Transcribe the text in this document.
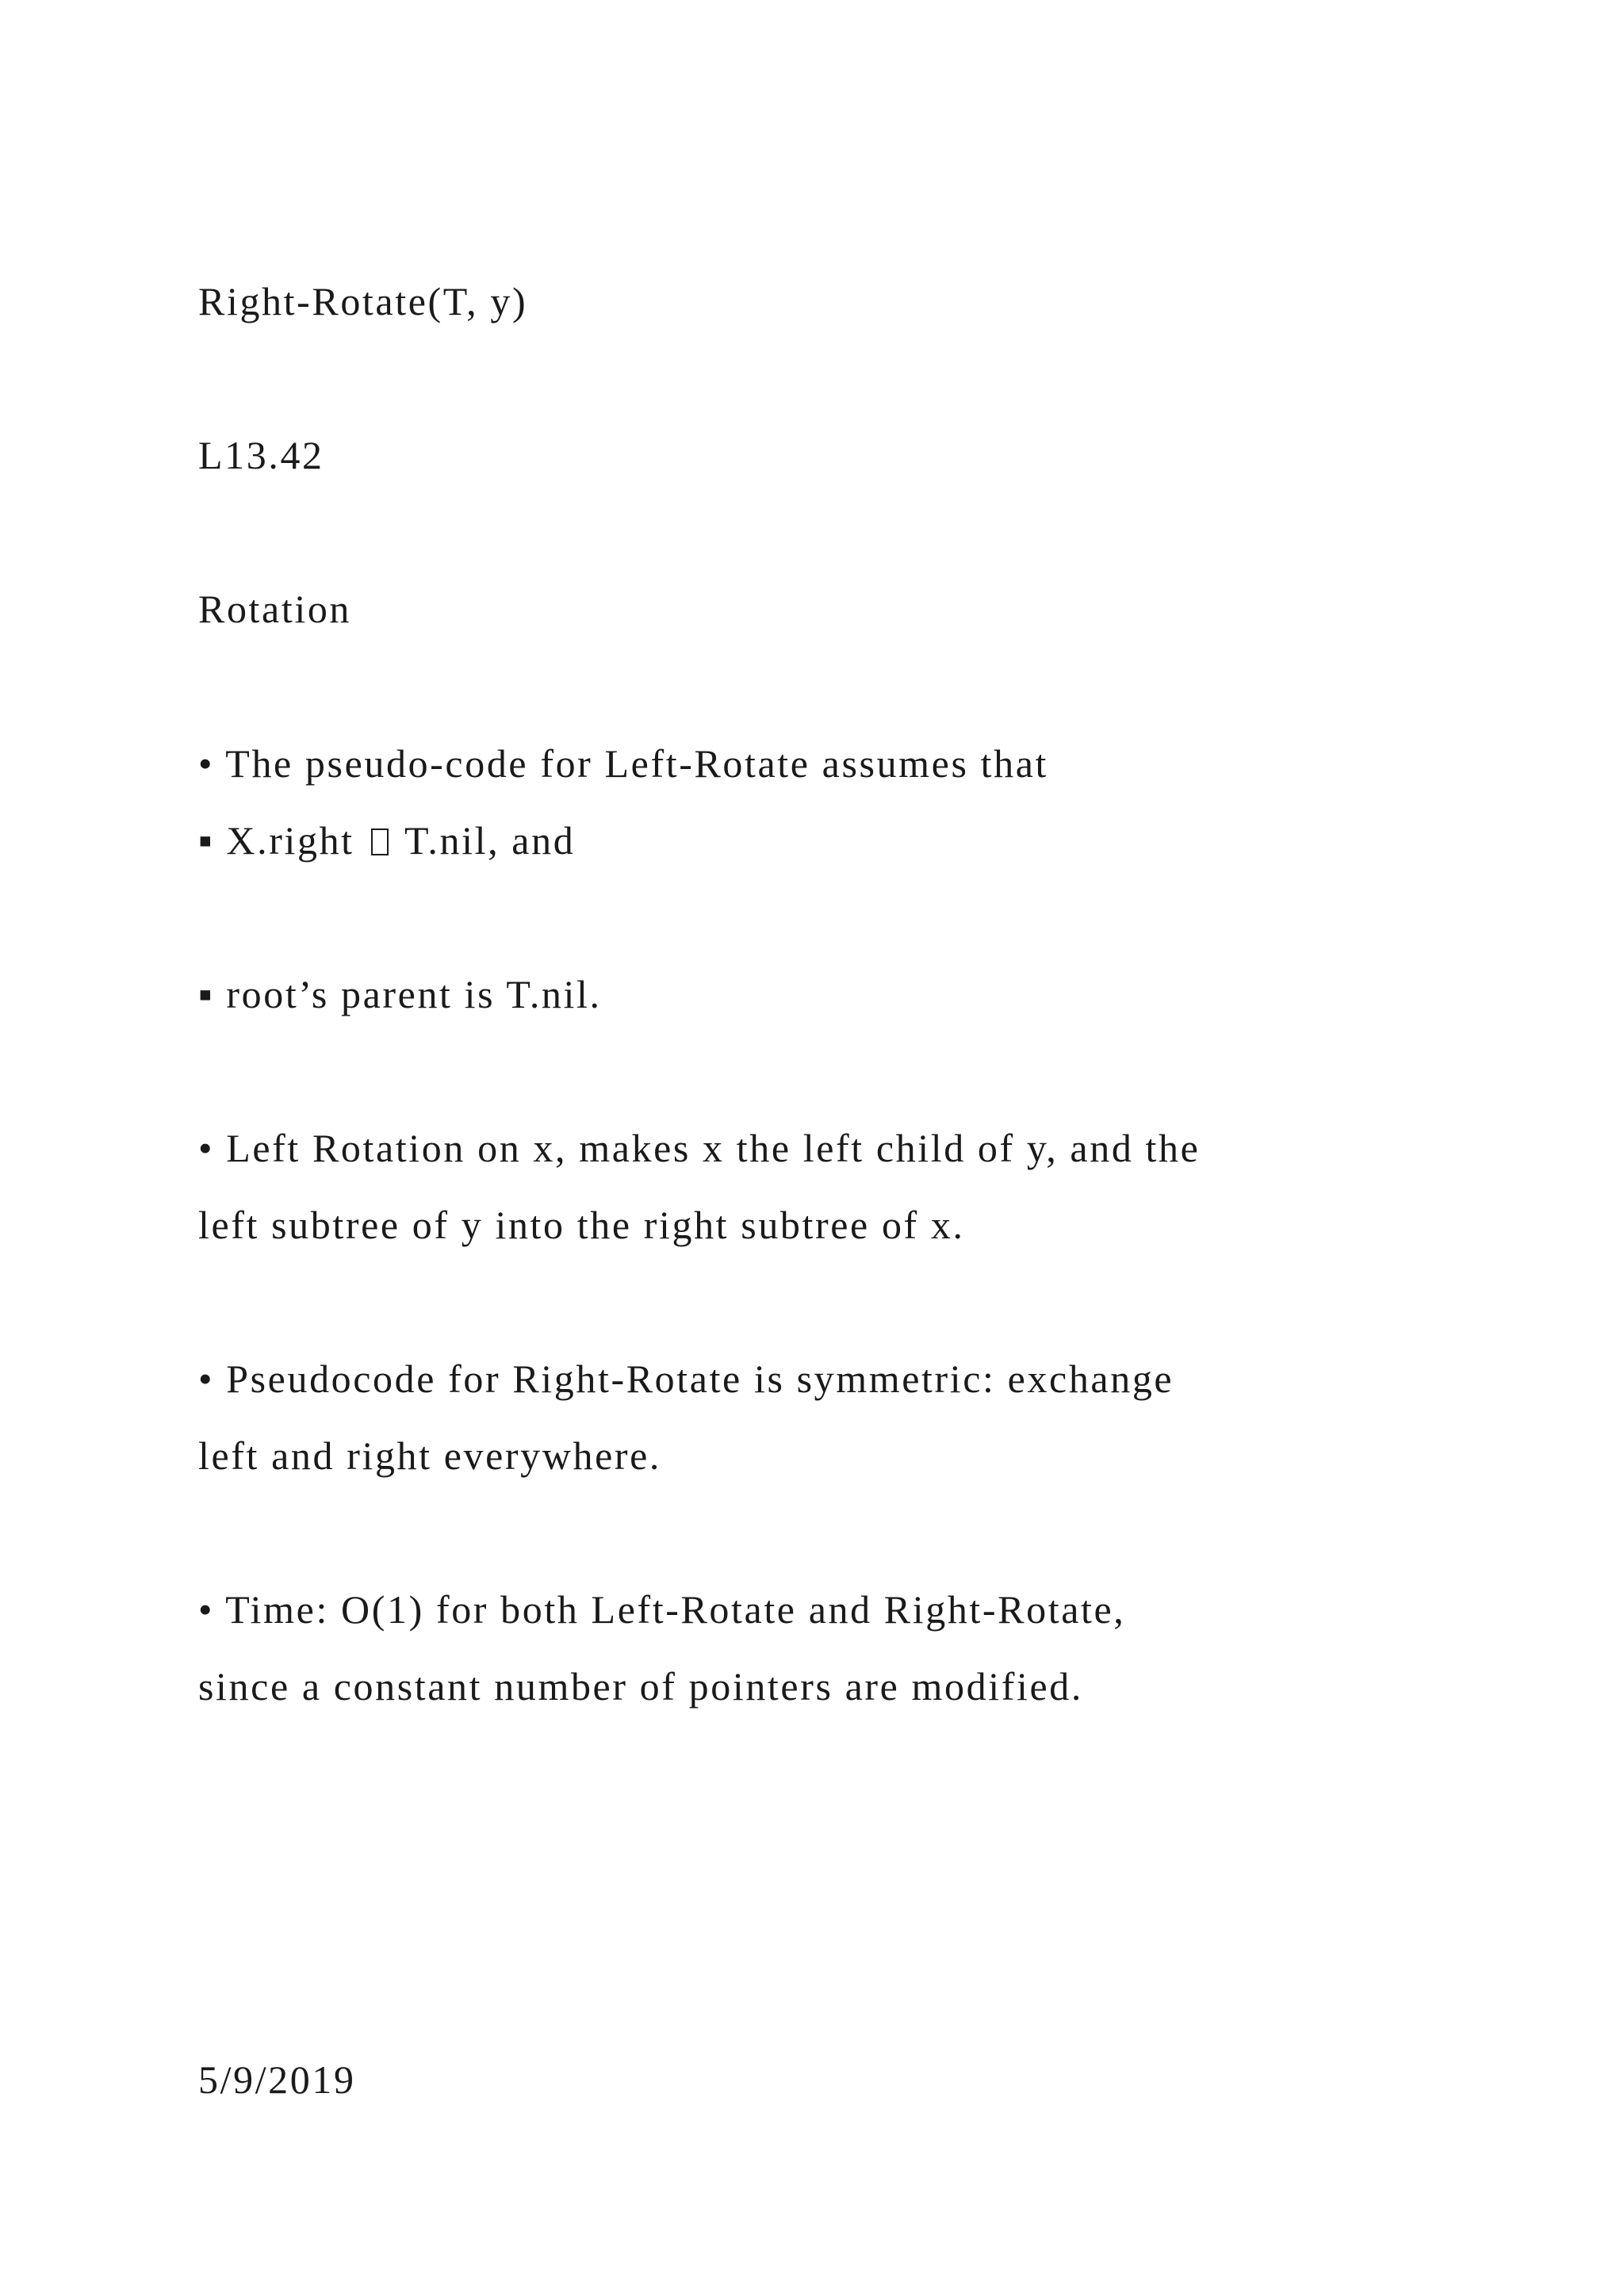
Right-Rotate(T, y)

L13.42

Rotation

• The pseudo-code for Left-Rotate assumes that

▪ X.right T.nil, and

▪ root’s parent is T.nil.

• Left Rotation on x, makes x the left child of y, and the

left subtree of y into the right subtree of x.

• Pseudocode for Right-Rotate is symmetric: exchange

left and right everywhere.

• Time: O(1) for both Left-Rotate and Right-Rotate,

since a constant number of pointers are modified.

5/9/2019
